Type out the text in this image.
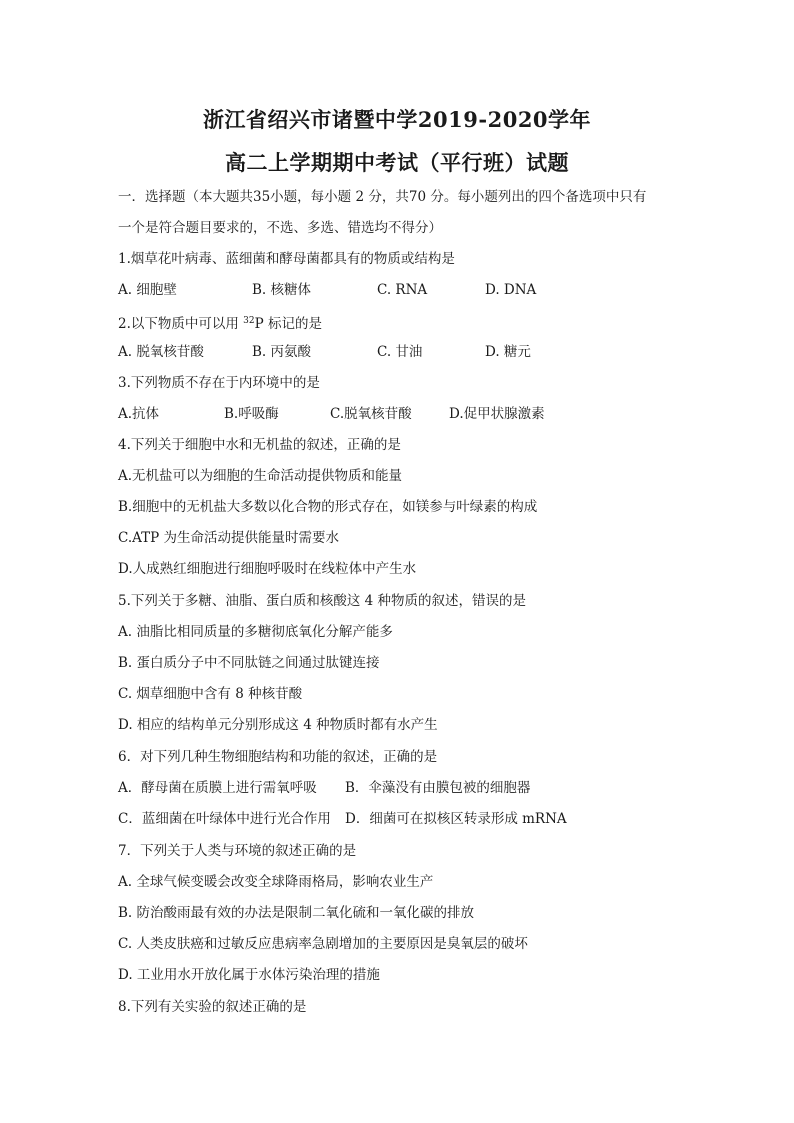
浙江省绍兴市诸暨中学2019-2020学年
高二上学期期中考试（平行班）试题
一．选择题（本大题共35小题，每小题 2 分，共70 分。每小题列出的四个备选项中只有
一个是符合题目要求的，不选、多选、错选均不得分）
1.烟草花叶病毒、蓝细菌和酵母菌都具有的物质或结构是
A. 细胞壁	B. 核糖体	C. RNA	D. DNA
2.以下物质中可以用 $^{32}$P 标记的是
A. 脱氧核苷酸	B. 丙氨酸	C. 甘油	D. 糖元
3.下列物质不存在于内环境中的是
A.抗体	B.呼吸酶	C.脱氧核苷酸	D.促甲状腺激素
4.下列关于细胞中水和无机盐的叙述，正确的是
A.无机盐可以为细胞的生命活动提供物质和能量
B.细胞中的无机盐大多数以化合物的形式存在，如镁参与叶绿素的构成
C.ATP 为生命活动提供能量时需要水
D.人成熟红细胞进行细胞呼吸时在线粒体中产生水
5.下列关于多糖、油脂、蛋白质和核酸这 4 种物质的叙述，错误的是
A. 油脂比相同质量的多糖彻底氧化分解产能多
B. 蛋白质分子中不同肽链之间通过肽键连接
C. 烟草细胞中含有 8 种核苷酸
D. 相应的结构单元分别形成这 4 种物质时都有水产生
6．对下列几种生物细胞结构和功能的叙述，正确的是
A．酵母菌在质膜上进行需氧呼吸 B．伞藻没有由膜包被的细胞器
C．蓝细菌在叶绿体中进行光合作用 D．细菌可在拟核区转录形成 mRNA
7．下列关于人类与环境的叙述正确的是
A. 全球气候变暖会改变全球降雨格局，影响农业生产
B. 防治酸雨最有效的办法是限制二氧化硫和一氧化碳的排放
C. 人类皮肤癌和过敏反应患病率急剧增加的主要原因是臭氧层的破坏
D. 工业用水开放化属于水体污染治理的措施
8.下列有关实验的叙述正确的是
